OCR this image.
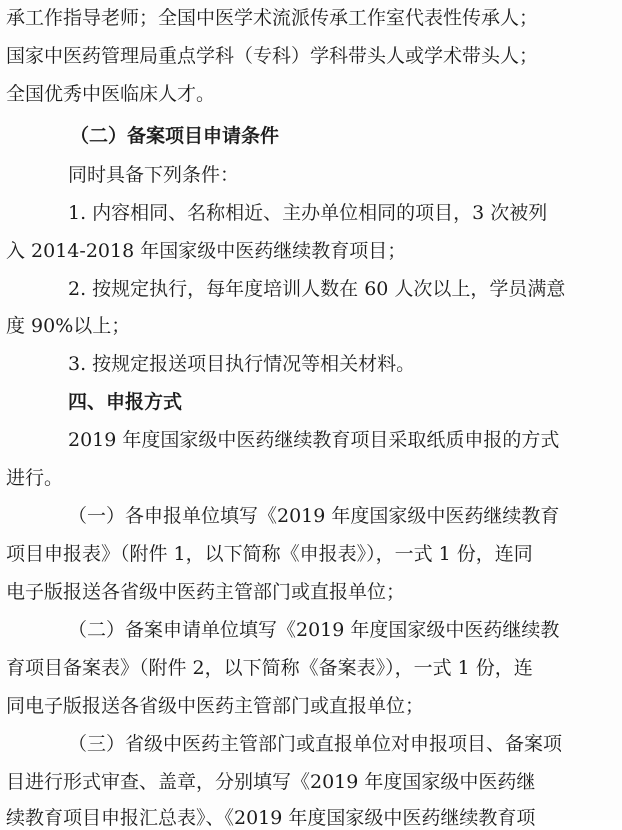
承工作指导老师；全国中医学术流派传承工作室代表性传承人；
国家中医药管理局重点学科（专科）学科带头人或学术带头人；
全国优秀中医临床人才。
（二）备案项目申请条件
同时具备下列条件：
1. 内容相同、名称相近、主办单位相同的项目，3 次被列
入 2014-2018 年国家级中医药继续教育项目；
2. 按规定执行，每年度培训人数在 60 人次以上，学员满意
度 90%以上；
3. 按规定报送项目执行情况等相关材料。
四、申报方式
2019 年度国家级中医药继续教育项目采取纸质申报的方式
进行。
（一）各申报单位填写《2019 年度国家级中医药继续教育
项目申报表》（附件 1，以下简称《申报表》），一式 1 份，连同
电子版报送各省级中医药主管部门或直报单位；
（二）备案申请单位填写《2019 年度国家级中医药继续教
育项目备案表》（附件 2，以下简称《备案表》），一式 1 份，连
同电子版报送各省级中医药主管部门或直报单位；
（三）省级中医药主管部门或直报单位对申报项目、备案项
目进行形式审查、盖章，分别填写《2019 年度国家级中医药继
续教育项目申报汇总表》、《2019 年度国家级中医药继续教育项
